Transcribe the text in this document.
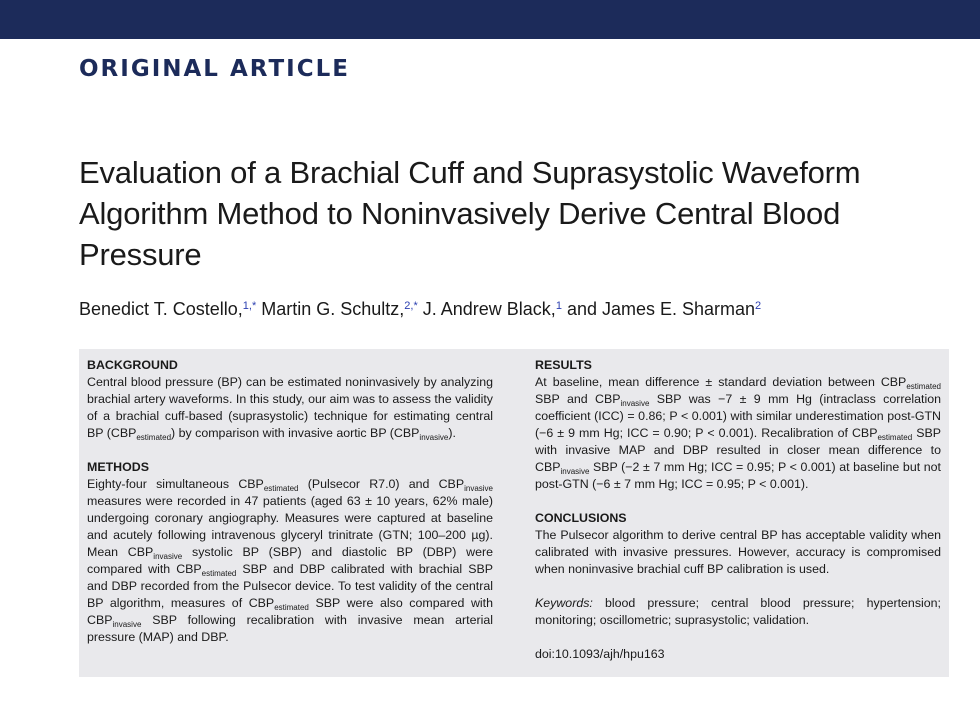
ORIGINAL ARTICLE
Evaluation of a Brachial Cuff and Suprasystolic Waveform Algorithm Method to Noninvasively Derive Central Blood Pressure
Benedict T. Costello,$^{1,*}$ Martin G. Schultz,$^{2,*}$ J. Andrew Black,$^1$ and James E. Sharman$^2$
BACKGROUND

Central blood pressure (BP) can be estimated noninvasively by analyzing brachial artery waveforms. In this study, our aim was to assess the validity of a brachial cuff-based (suprasystolic) technique for estimating central BP $(CBP_{estimated})$ by comparison with invasive aortic BP $(CBP_{invasive})$.

METHODS

Eighty-four simultaneous $CBP_{estimated}$ (Pulsecor R7.0) and $CBP_{invasive}$ measures were recorded in 47 patients (aged 63 ± 10 years, 62% male) undergoing coronary angiography. Measures were captured at baseline and acutely following intravenous glyceryl trinitrate (GTN; 100–200 µg). Mean $CBP_{invasive}$ systolic BP (SBP) and diastolic BP (DBP) were compared with $CBP_{estimated}$ SBP and DBP calibrated with brachial SBP and DBP recorded from the Pulsecor device. To test validity of the central BP algorithm, measures of $CBP_{estimated}$ SBP were also compared with $CBP_{invasive}$ SBP following recalibration with invasive mean arterial pressure (MAP) and DBP.

RESULTS

At baseline, mean difference ± standard deviation between $CBP_{estimated}$ SBP and $CBP_{invasive}$ SBP was −7 ± 9 mm Hg (intraclass correlation coefficient (ICC) = 0.86; P < 0.001) with similar underestimation post-GTN (−6 ± 9 mm Hg; ICC = 0.90; P < 0.001). Recalibration of $CBP_{estimated}$ SBP with invasive MAP and DBP resulted in closer mean difference to $CBP_{invasive}$ SBP (−2 ± 7 mm Hg; ICC = 0.95; P < 0.001) at baseline but not post-GTN (−6 ± 7 mm Hg; ICC = 0.95; P < 0.001).

CONCLUSIONS

The Pulsecor algorithm to derive central BP has acceptable validity when calibrated with invasive pressures. However, accuracy is compromised when noninvasive brachial cuff BP calibration is used.

Keywords: blood pressure; central blood pressure; hypertension; monitoring; oscillometric; suprasystolic; validation.

doi:10.1093/ajh/hpu163
